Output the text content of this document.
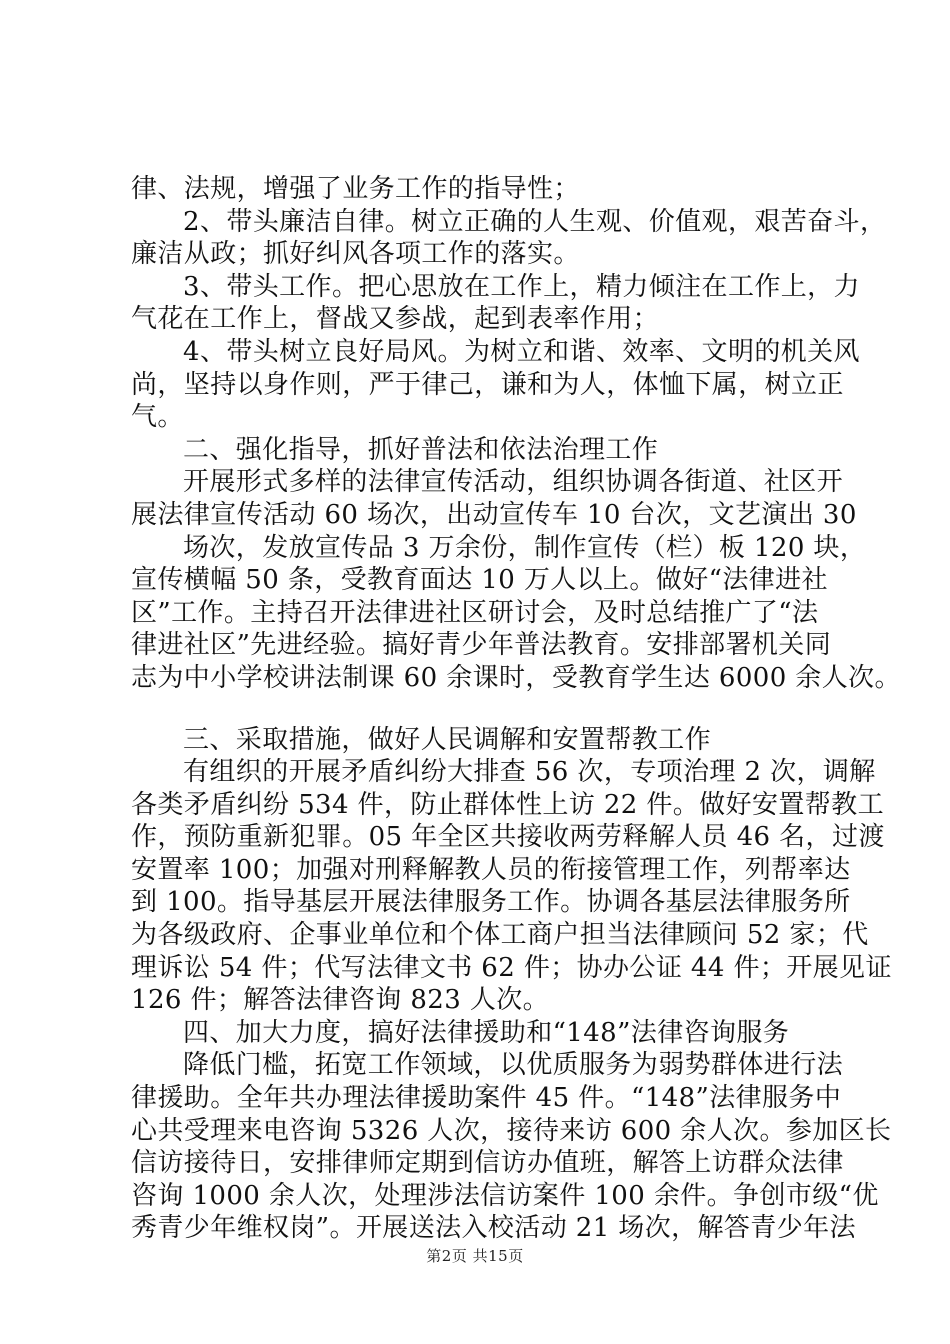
律、法规，增强了业务工作的指导性；
2、带头廉洁自律。树立正确的人生观、价值观，艰苦奋斗，
廉洁从政；抓好纠风各项工作的落实。
3、带头工作。把心思放在工作上，精力倾注在工作上，力
气花在工作上，督战又参战，起到表率作用；
4、带头树立良好局风。为树立和谐、效率、文明的机关风
尚，坚持以身作则，严于律己，谦和为人，体恤下属，树立正
气。
二、强化指导，抓好普法和依法治理工作
开展形式多样的法律宣传活动，组织协调各街道、社区开
展法律宣传活动 60 场次，出动宣传车 10 台次，文艺演出 30
场次，发放宣传品 3 万余份，制作宣传（栏）板 120 块，
宣传横幅 50 条，受教育面达 10 万人以上。做好“法律进社
区”工作。主持召开法律进社区研讨会，及时总结推广了“法
律进社区”先进经验。搞好青少年普法教育。安排部署机关同
志为中小学校讲法制课 60 余课时，受教育学生达 6000 余人次。
三、采取措施，做好人民调解和安置帮教工作
有组织的开展矛盾纠纷大排查 56 次，专项治理 2 次，调解
各类矛盾纠纷 534 件，防止群体性上访 22 件。做好安置帮教工
作，预防重新犯罪。05 年全区共接收两劳释解人员 46 名，过渡
安置率 100；加强对刑释解教人员的衔接管理工作，列帮率达
到 100。指导基层开展法律服务工作。协调各基层法律服务所
为各级政府、企事业单位和个体工商户担当法律顾问 52 家；代
理诉讼 54 件；代写法律文书 62 件；协办公证 44 件；开展见证
126 件；解答法律咨询 823 人次。
四、加大力度，搞好法律援助和“148”法律咨询服务
降低门槛，拓宽工作领域，以优质服务为弱势群体进行法
律援助。全年共办理法律援助案件 45 件。“148”法律服务中
心共受理来电咨询 5326 人次，接待来访 600 余人次。参加区长
信访接待日，安排律师定期到信访办值班，解答上访群众法律
咨询 1000 余人次，处理涉法信访案件 100 余件。争创市级“优
秀青少年维权岗”。开展送法入校活动 21 场次，解答青少年法
第2页 共15页
